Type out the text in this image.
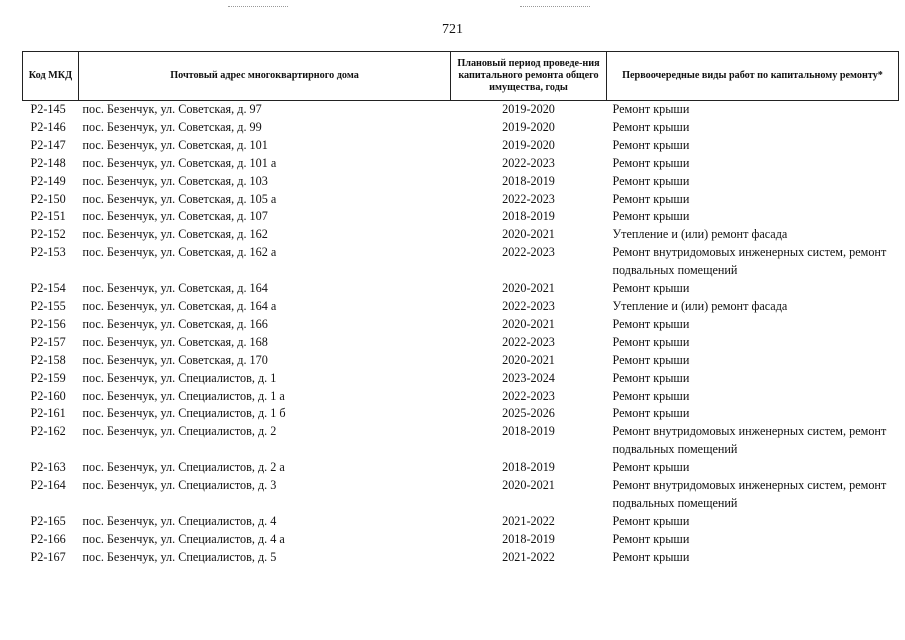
721
Код МКД	Почтовый адрес многоквартирного дома	Плановый период проведе-ния капитального ремонта общего имущества, годы	Первоочередные виды работ по капитальному ремонту*
Р2-145	пос. Безенчук, ул. Советская, д. 97	2019-2020	Ремонт крыши
Р2-146	пос. Безенчук, ул. Советская, д. 99	2019-2020	Ремонт крыши
Р2-147	пос. Безенчук, ул. Советская, д. 101	2019-2020	Ремонт крыши
Р2-148	пос. Безенчук, ул. Советская, д. 101 а	2022-2023	Ремонт крыши
Р2-149	пос. Безенчук, ул. Советская, д. 103	2018-2019	Ремонт крыши
Р2-150	пос. Безенчук, ул. Советская, д. 105 а	2022-2023	Ремонт крыши
Р2-151	пос. Безенчук, ул. Советская, д. 107	2018-2019	Ремонт крыши
Р2-152	пос. Безенчук, ул. Советская, д. 162	2020-2021	Утепление и (или) ремонт фасада
Р2-153	пос. Безенчук, ул. Советская, д. 162 а	2022-2023	Ремонт внутридомовых инженерных систем, ремонт подвальных помещений
Р2-154	пос. Безенчук, ул. Советская, д. 164	2020-2021	Ремонт крыши
Р2-155	пос. Безенчук, ул. Советская, д. 164 а	2022-2023	Утепление и (или) ремонт фасада
Р2-156	пос. Безенчук, ул. Советская, д. 166	2020-2021	Ремонт крыши
Р2-157	пос. Безенчук, ул. Советская, д. 168	2022-2023	Ремонт крыши
Р2-158	пос. Безенчук, ул. Советская, д. 170	2020-2021	Ремонт крыши
Р2-159	пос. Безенчук, ул. Специалистов, д. 1	2023-2024	Ремонт крыши
Р2-160	пос. Безенчук, ул. Специалистов, д. 1 а	2022-2023	Ремонт крыши
Р2-161	пос. Безенчук, ул. Специалистов, д. 1 б	2025-2026	Ремонт крыши
Р2-162	пос. Безенчук, ул. Специалистов, д. 2	2018-2019	Ремонт внутридомовых инженерных систем, ремонт подвальных помещений
Р2-163	пос. Безенчук, ул. Специалистов, д. 2 а	2018-2019	Ремонт крыши
Р2-164	пос. Безенчук, ул. Специалистов, д. 3	2020-2021	Ремонт внутридомовых инженерных систем, ремонт подвальных помещений
Р2-165	пос. Безенчук, ул. Специалистов, д. 4	2021-2022	Ремонт крыши
Р2-166	пос. Безенчук, ул. Специалистов, д. 4 а	2018-2019	Ремонт крыши
Р2-167	пос. Безенчук, ул. Специалистов, д. 5	2021-2022	Ремонт крыши
